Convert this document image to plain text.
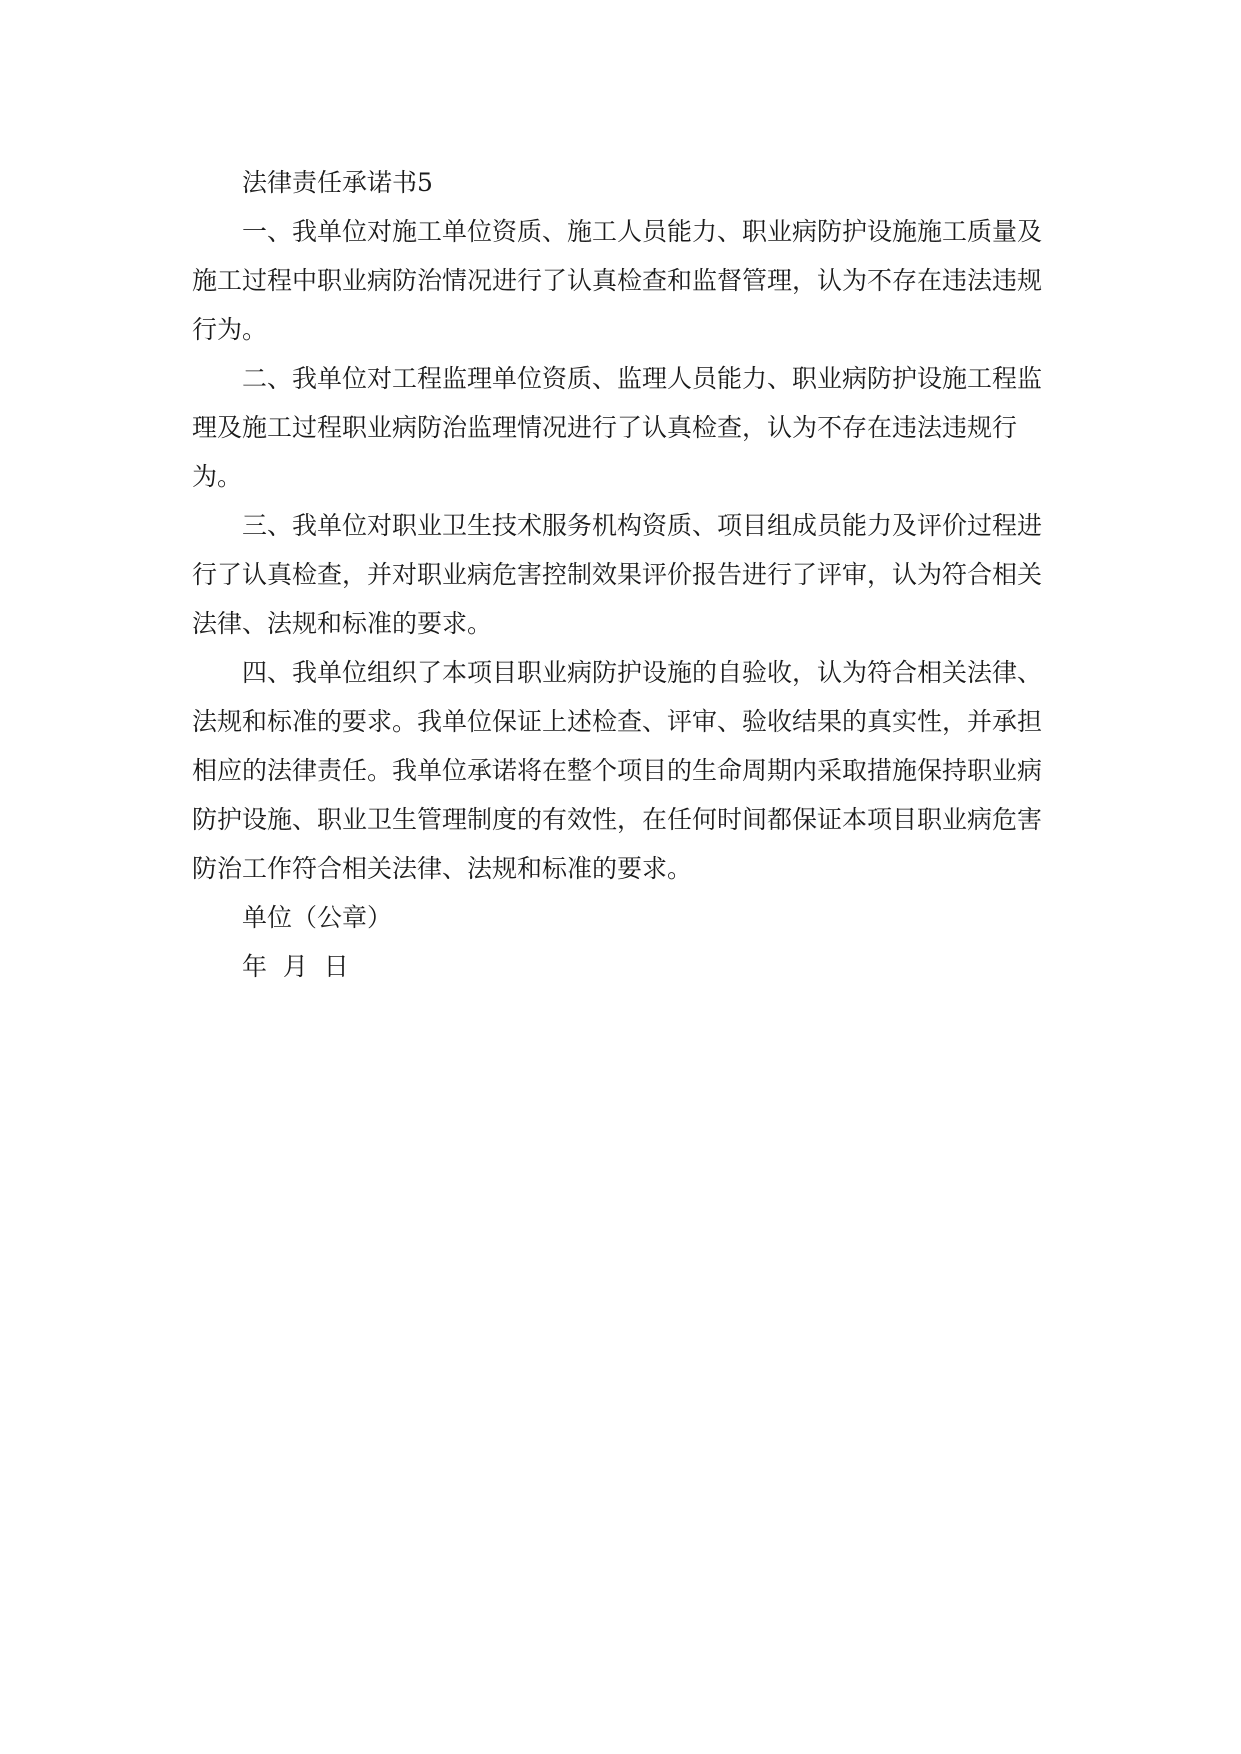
法律责任承诺书5

一、我单位对施工单位资质、施工人员能力、职业病防护设施施工质量及

施工过程中职业病防治情况进行了认真检查和监督管理，认为不存在违法违规

行为。

二、我单位对工程监理单位资质、监理人员能力、职业病防护设施工程监

理及施工过程职业病防治监理情况进行了认真检查，认为不存在违法违规行

为。

三、我单位对职业卫生技术服务机构资质、项目组成员能力及评价过程进

行了认真检查，并对职业病危害控制效果评价报告进行了评审，认为符合相关

法律、法规和标准的要求。

四、我单位组织了本项目职业病防护设施的自验收，认为符合相关法律、

法规和标准的要求。我单位保证上述检查、评审、验收结果的真实性，并承担

相应的法律责任。我单位承诺将在整个项目的生命周期内采取措施保持职业病

防护设施、职业卫生管理制度的有效性，在任何时间都保证本项目职业病危害

防治工作符合相关法律、法规和标准的要求。

单位（公章）

年  月  日
